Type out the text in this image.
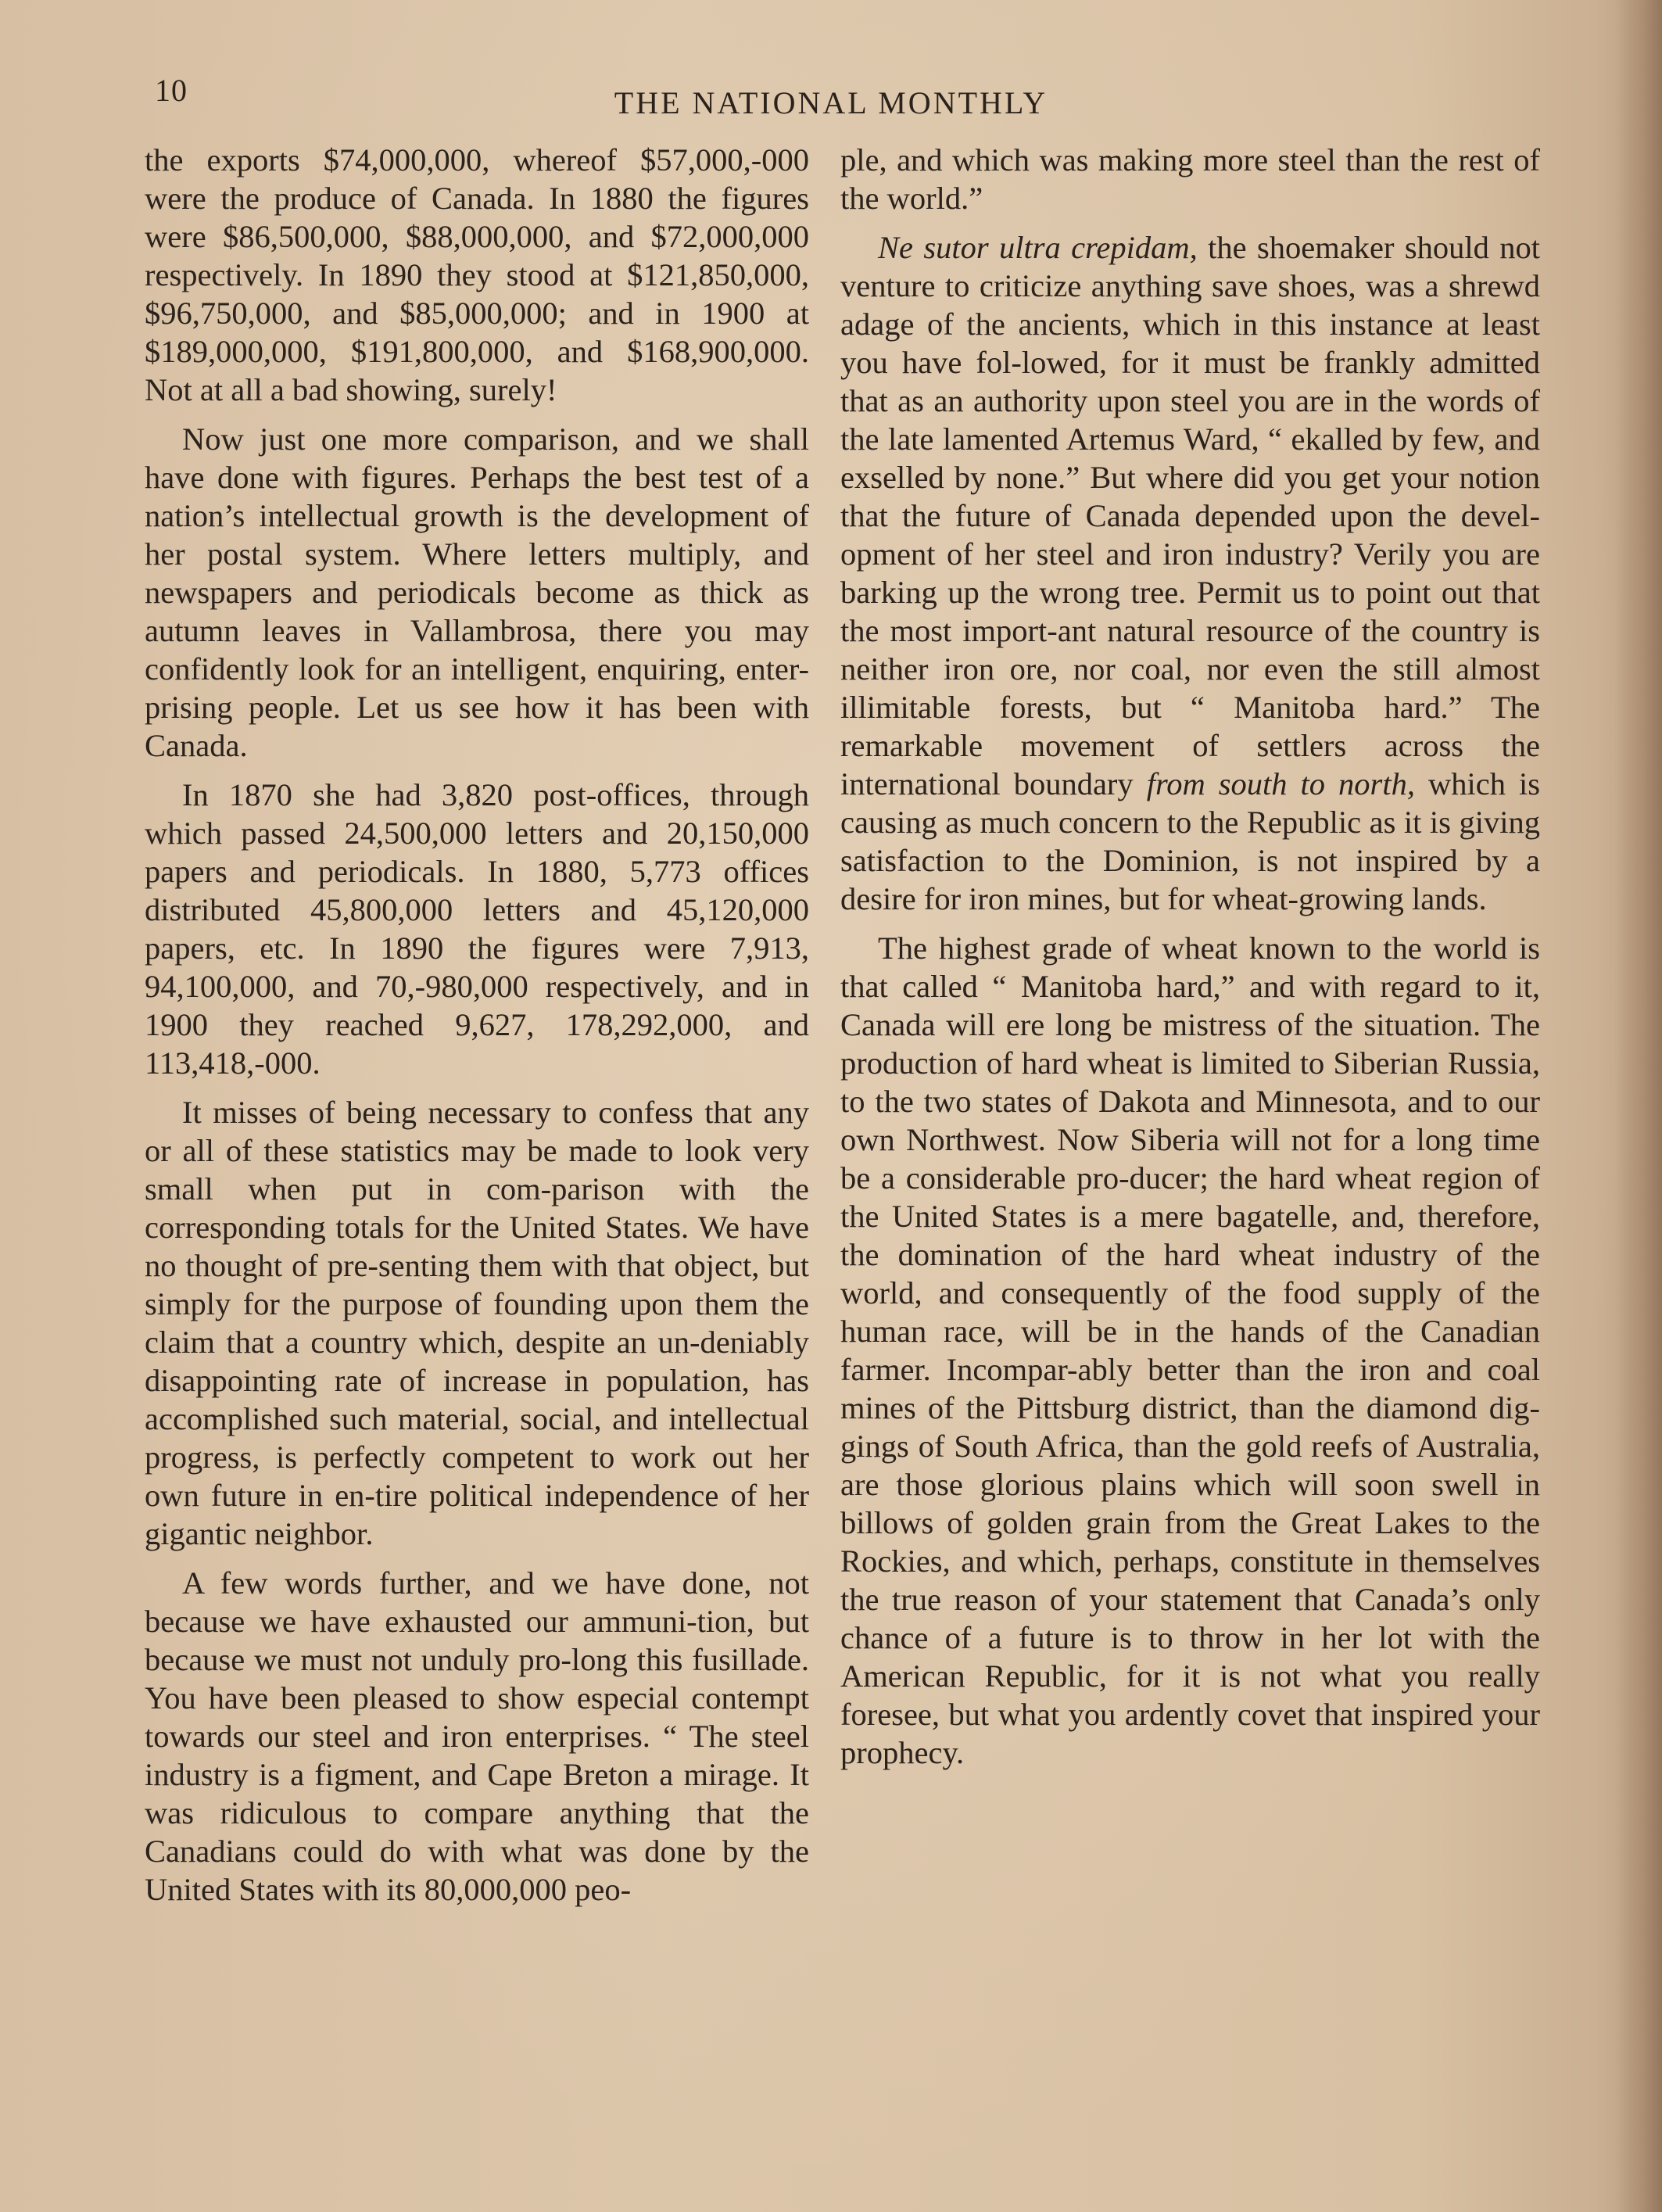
10	THE NATIONAL MONTHLY

the exports $74,000,000, whereof $57,000,-000 were the produce of Canada. In 1880 the figures were $86,500,000, $88,000,000, and $72,000,000 respectively. In 1890 they stood at $121,850,000, $96,750,000, and $85,000,000; and in 1900 at $189,000,000, $191,800,000, and $168,900,000. Not at all a bad showing, surely!

Now just one more comparison, and we shall have done with figures. Perhaps the best test of a nation’s intellectual growth is the development of her postal system. Where letters multiply, and newspapers and periodicals become as thick as autumn leaves in Vallambrosa, there you may confidently look for an intelligent, enquiring, enter-prising people. Let us see how it has been with Canada.

In 1870 she had 3,820 post-offices, through which passed 24,500,000 letters and 20,150,000 papers and periodicals. In 1880, 5,773 offices distributed 45,800,000 letters and 45,120,000 papers, etc. In 1890 the figures were 7,913, 94,100,000, and 70,-980,000 respectively, and in 1900 they reached 9,627, 178,292,000, and 113,418,-000.

It misses of being necessary to confess that any or all of these statistics may be made to look very small when put in com-parison with the corresponding totals for the United States. We have no thought of pre-senting them with that object, but simply for the purpose of founding upon them the claim that a country which, despite an un-deniably disappointing rate of increase in population, has accomplished such material, social, and intellectual progress, is perfectly competent to work out her own future in en-tire political independence of her gigantic neighbor.

A few words further, and we have done, not because we have exhausted our ammuni-tion, but because we must not unduly pro-long this fusillade. You have been pleased to show especial contempt towards our steel and iron enterprises. “ The steel industry is a figment, and Cape Breton a mirage. It was ridiculous to compare anything that the Canadians could do with what was done by the United States with its 80,000,000 peo-

ple, and which was making more steel than the rest of the world.”

Ne sutor ultra crepidam, the shoemaker should not venture to criticize anything save shoes, was a shrewd adage of the ancients, which in this instance at least you have fol-lowed, for it must be frankly admitted that as an authority upon steel you are in the words of the late lamented Artemus Ward, “ ekalled by few, and exselled by none.” But where did you get your notion that the future of Canada depended upon the devel-opment of her steel and iron industry? Verily you are barking up the wrong tree. Permit us to point out that the most import-ant natural resource of the country is neither iron ore, nor coal, nor even the still almost illimitable forests, but “ Manitoba hard.” The remarkable movement of settlers across the international boundary from south to north, which is causing as much concern to the Republic as it is giving satisfaction to the Dominion, is not inspired by a desire for iron mines, but for wheat-growing lands.

The highest grade of wheat known to the world is that called “ Manitoba hard,” and with regard to it, Canada will ere long be mistress of the situation. The production of hard wheat is limited to Siberian Russia, to the two states of Dakota and Minnesota, and to our own Northwest. Now Siberia will not for a long time be a considerable pro-ducer; the hard wheat region of the United States is a mere bagatelle, and, therefore, the domination of the hard wheat industry of the world, and consequently of the food supply of the human race, will be in the hands of the Canadian farmer. Incompar-ably better than the iron and coal mines of the Pittsburg district, than the diamond dig-gings of South Africa, than the gold reefs of Australia, are those glorious plains which will soon swell in billows of golden grain from the Great Lakes to the Rockies, and which, perhaps, constitute in themselves the true reason of your statement that Canada’s only chance of a future is to throw in her lot with the American Republic, for it is not what you really foresee, but what you ardently covet that inspired your prophecy.
